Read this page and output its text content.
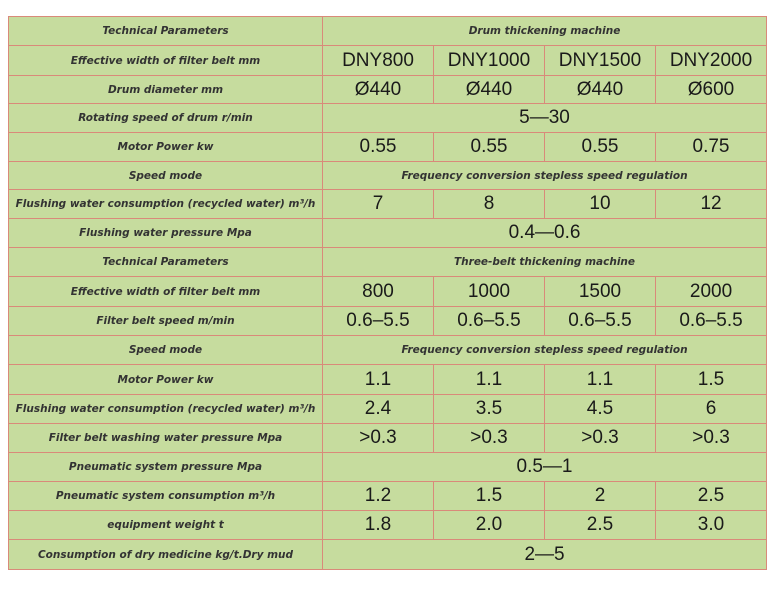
Technical Parameters	Drum thickening machine			
Effective width of filter belt mm	DNY800	DNY1000	DNY1500	DNY2000
Drum diameter mm	Ø440	Ø440	Ø440	Ø600
Rotating speed of drum r/min	5—30			
Motor Power kw	0.55	0.55	0.55	0.75
Speed mode	Frequency conversion stepless speed regulation			
Flushing water consumption (recycled water) m³/h	7	8	10	12
Flushing water pressure Mpa	0.4—0.6			
Technical Parameters	Three-belt thickening machine			
Effective width of filter belt mm	800	1000	1500	2000
Filter belt speed m/min	0.6–5.5	0.6–5.5	0.6–5.5	0.6–5.5
Speed mode	Frequency conversion stepless speed regulation			
Motor Power kw	1.1	1.1	1.1	1.5
Flushing water consumption (recycled water) m³/h	2.4	3.5	4.5	6
Filter belt washing water pressure Mpa	>0.3	>0.3	>0.3	>0.3
Pneumatic system pressure Mpa	0.5—1			
Pneumatic system consumption m³/h	1.2	1.5	2	2.5
equipment weight t	1.8	2.0	2.5	3.0
Consumption of dry medicine kg/t.Dry mud	2—5			
